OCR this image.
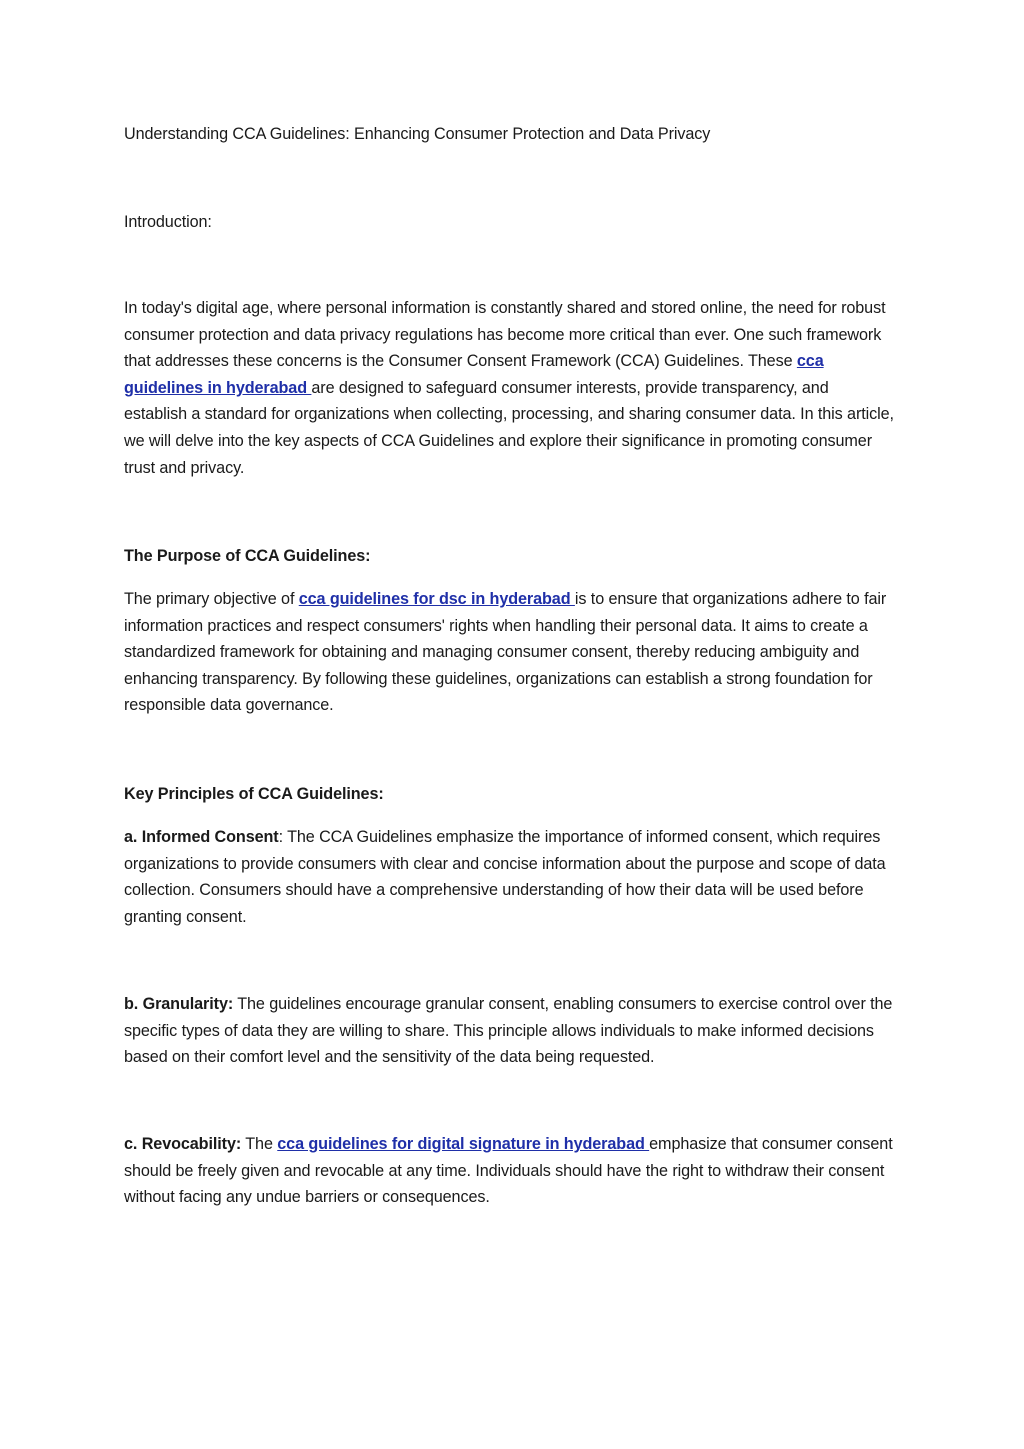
Understanding CCA Guidelines: Enhancing Consumer Protection and Data Privacy

Introduction:

In today's digital age, where personal information is constantly shared and stored online, the need for robust consumer protection and data privacy regulations has become more critical than ever. One such framework that addresses these concerns is the Consumer Consent Framework (CCA) Guidelines. These cca guidelines in hyderabad are designed to safeguard consumer interests, provide transparency, and establish a standard for organizations when collecting, processing, and sharing consumer data. In this article, we will delve into the key aspects of CCA Guidelines and explore their significance in promoting consumer trust and privacy.

The Purpose of CCA Guidelines:

The primary objective of cca guidelines for dsc in hyderabad is to ensure that organizations adhere to fair information practices and respect consumers' rights when handling their personal data. It aims to create a standardized framework for obtaining and managing consumer consent, thereby reducing ambiguity and enhancing transparency. By following these guidelines, organizations can establish a strong foundation for responsible data governance.

Key Principles of CCA Guidelines:

a. Informed Consent: The CCA Guidelines emphasize the importance of informed consent, which requires organizations to provide consumers with clear and concise information about the purpose and scope of data collection. Consumers should have a comprehensive understanding of how their data will be used before granting consent.

b. Granularity: The guidelines encourage granular consent, enabling consumers to exercise control over the specific types of data they are willing to share. This principle allows individuals to make informed decisions based on their comfort level and the sensitivity of the data being requested.

c. Revocability: The cca guidelines for digital signature in hyderabad emphasize that consumer consent should be freely given and revocable at any time. Individuals should have the right to withdraw their consent without facing any undue barriers or consequences.
